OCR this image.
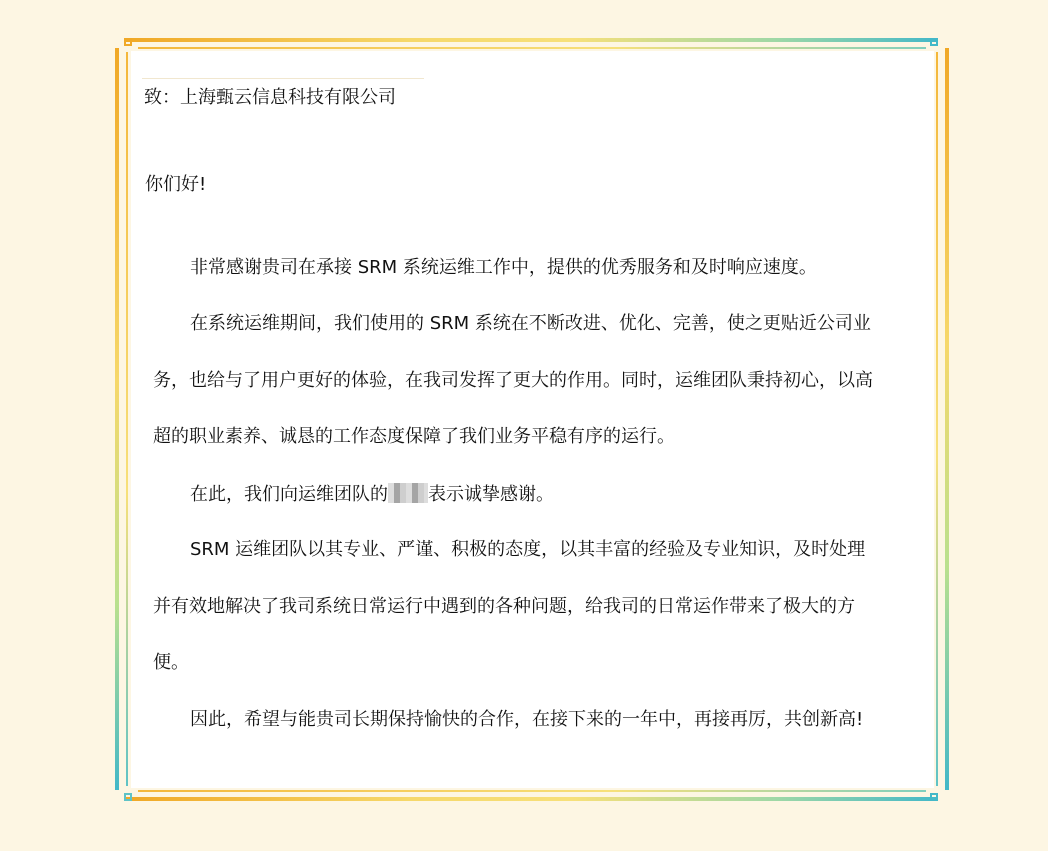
致：上海甄云信息科技有限公司

你们好!

非常感谢贵司在承接 SRM 系统运维工作中，提供的优秀服务和及时响应速度。

在系统运维期间，我们使用的 SRM 系统在不断改进、优化、完善，使之更贴近公司业

务，也给与了用户更好的体验，在我司发挥了更大的作用。同时，运维团队秉持初心，以高

超的职业素养、诚恳的工作态度保障了我们业务平稳有序的运行。

在此，我们向运维团队的 表示诚挚感谢。

SRM 运维团队以其专业、严谨、积极的态度，以其丰富的经验及专业知识，及时处理

并有效地解决了我司系统日常运行中遇到的各种问题，给我司的日常运作带来了极大的方

便。

因此，希望与能贵司长期保持愉快的合作，在接下来的一年中，再接再厉，共创新高!
